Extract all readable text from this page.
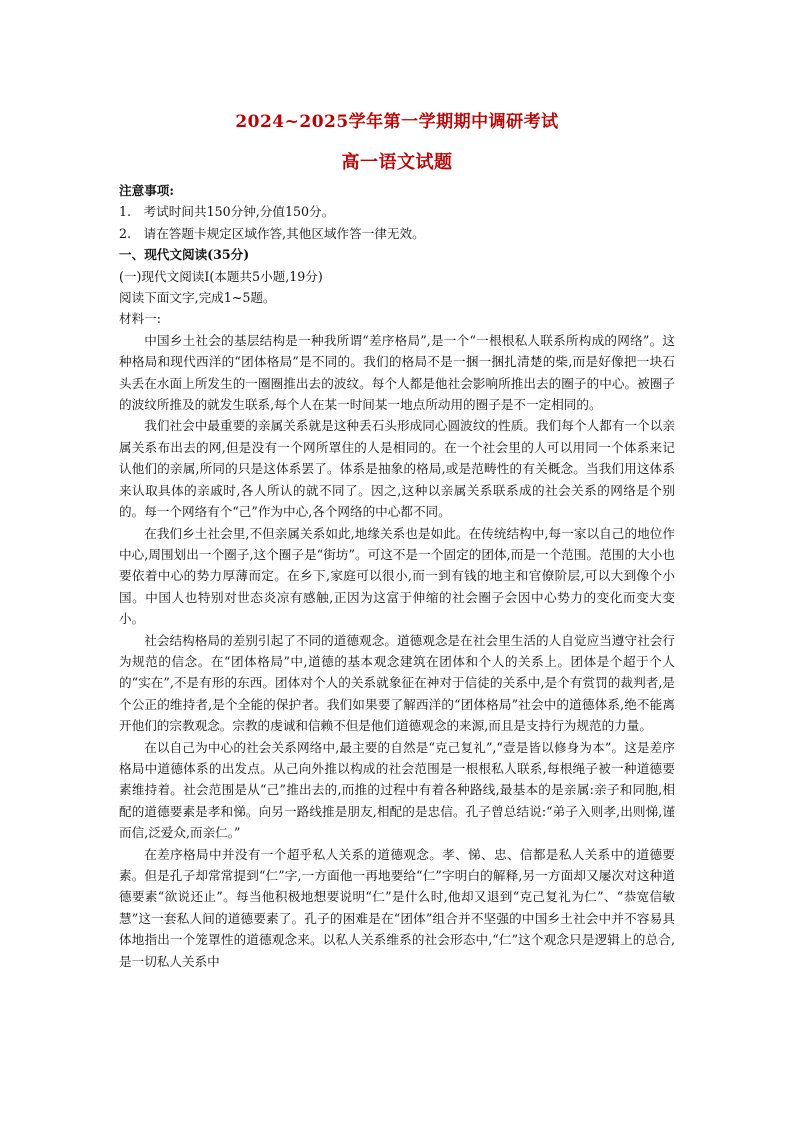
2024~2025学年第一学期期中调研考试
高一语文试题

注意事项:

1.　考试时间共150分钟,分值150分。

2.　请在答题卡规定区域作答,其他区域作答一律无效。

一、现代文阅读(35分)

(一)现代文阅读Ⅰ(本题共5小题,19分)

阅读下面文字,完成1~5题。

材料一:

中国乡土社会的基层结构是一种我所谓“差序格局”,是一个“一根根私人联系所构成的网络”。这种格局和现代西洋的“团体格局”是不同的。我们的格局不是一捆一捆扎清楚的柴,而是好像把一块石头丢在水面上所发生的一圈圈推出去的波纹。每个人都是他社会影响所推出去的圈子的中心。被圈子的波纹所推及的就发生联系,每个人在某一时间某一地点所动用的圈子是不一定相同的。

我们社会中最重要的亲属关系就是这种丢石头形成同心圆波纹的性质。我们每个人都有一个以亲属关系布出去的网,但是没有一个网所罩住的人是相同的。在一个社会里的人可以用同一个体系来记认他们的亲属,所同的只是这体系罢了。体系是抽象的格局,或是范畴性的有关概念。当我们用这体系来认取具体的亲戚时,各人所认的就不同了。因之,这种以亲属关系联系成的社会关系的网络是个别的。每一个网络有个“己”作为中心,各个网络的中心都不同。

在我们乡土社会里,不但亲属关系如此,地缘关系也是如此。在传统结构中,每一家以自己的地位作中心,周围划出一个圈子,这个圈子是“街坊”。可这不是一个固定的团体,而是一个范围。范围的大小也要依着中心的势力厚薄而定。在乡下,家庭可以很小,而一到有钱的地主和官僚阶层,可以大到像个小国。中国人也特别对世态炎凉有感触,正因为这富于伸缩的社会圈子会因中心势力的变化而变大变小。

社会结构格局的差别引起了不同的道德观念。道德观念是在社会里生活的人自觉应当遵守社会行为规范的信念。在“团体格局”中,道德的基本观念建筑在团体和个人的关系上。团体是个超于个人的“实在”,不是有形的东西。团体对个人的关系就象征在神对于信徒的关系中,是个有赏罚的裁判者,是个公正的维持者,是个全能的保护者。我们如果要了解西洋的“团体格局”社会中的道德体系,绝不能离开他们的宗教观念。宗教的虔诚和信赖不但是他们道德观念的来源,而且是支持行为规范的力量。

在以自己为中心的社会关系网络中,最主要的自然是“克己复礼”,“壹是皆以修身为本”。这是差序格局中道德体系的出发点。从己向外推以构成的社会范围是一根根私人联系,每根绳子被一种道德要素维持着。社会范围是从“己”推出去的,而推的过程中有着各种路线,最基本的是亲属:亲子和同胞,相配的道德要素是孝和悌。向另一路线推是朋友,相配的是忠信。孔子曾总结说:“弟子入则孝,出则悌,谨而信,泛爱众,而亲仁。”

在差序格局中并没有一个超乎私人关系的道德观念。孝、悌、忠、信都是私人关系中的道德要素。但是孔子却常常提到“仁”字,一方面他一再地要给“仁”字明白的解释,另一方面却又屡次对这种道德要素“欲说还止”。每当他积极地想要说明“仁”是什么时,他却又退到“克己复礼为仁”、“恭宽信敏慧”这一套私人间的道德要素了。孔子的困难是在“团体”组合并不坚强的中国乡土社会中并不容易具体地指出一个笼罩性的道德观念来。以私人关系维系的社会形态中,“仁”这个观念只是逻辑上的总合,是一切私人关系中
